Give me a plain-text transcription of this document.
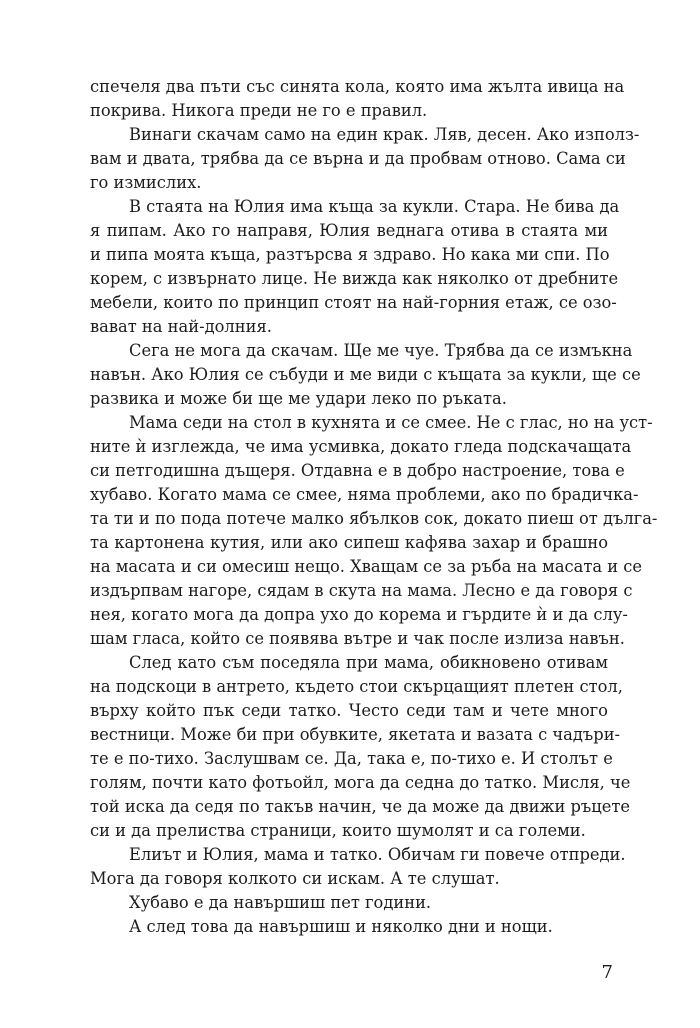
спечеля два пъти със синята кола, която има жълта ивица на
покрива. Никога преди не го е правил.
Винаги скачам само на един крак. Ляв, десен. Ако използ-
вам и двата, трябва да се върна и да пробвам отново. Сама си
го измислих.
В стаята на Юлия има къща за кукли. Стара. Не бива да
я пипам. Ако го направя, Юлия веднага отива в стаята ми
и пипа моята къща, разтърсва я здраво. Но кака ми спи. По
корем, с извърнато лице. Не вижда как няколко от дребните
мебели, които по принцип стоят на най-горния етаж, се озо-
вават на най-долния.
Сега не мога да скачам. Ще ме чуе. Трябва да се измъкна
навън. Ако Юлия се събуди и ме види с къщата за кукли, ще се
развика и може би ще ме удари леко по ръката.
Мама седи на стол в кухнята и се смее. Не с глас, но на уст-
ните ѝ изглежда, че има усмивка, докато гледа подскачащата
си петгодишна дъщеря. Отдавна е в добро настроение, това е
хубаво. Когато мама се смее, няма проблеми, ако по брадичка-
та ти и по пода потече малко ябълков сок, докато пиеш от дълга-
та картонена кутия, или ако сипеш кафява захар и брашно
на масата и си омесиш нещо. Хващам се за ръба на масата и се
издърпвам нагоре, сядам в скута на мама. Лесно е да говоря с
нея, когато мога да допра ухо до корема и гърдите ѝ и да слу-
шам гласа, който се появява вътре и чак после излиза навън.
След като съм поседяла при мама, обикновено отивам
на подскоци в антрето, където стои скърцащият плетен стол,
върху който пък седи татко. Често седи там и чете много
вестници. Може би при обувките, якетата и вазата с чадъри-
те е по-тихо. Заслушвам се. Да, така е, по-тихо е. И столът е
голям, почти като фотьойл, мога да седна до татко. Мисля, че
той иска да седя по такъв начин, че да може да движи ръцете
си и да прелиства страници, които шумолят и са големи.
Елиът и Юлия, мама и татко. Обичам ги повече отпреди.
Мога да говоря колкото си искам. А те слушат.
Хубаво е да навършиш пет години.
А след това да навършиш и няколко дни и нощи.
7
